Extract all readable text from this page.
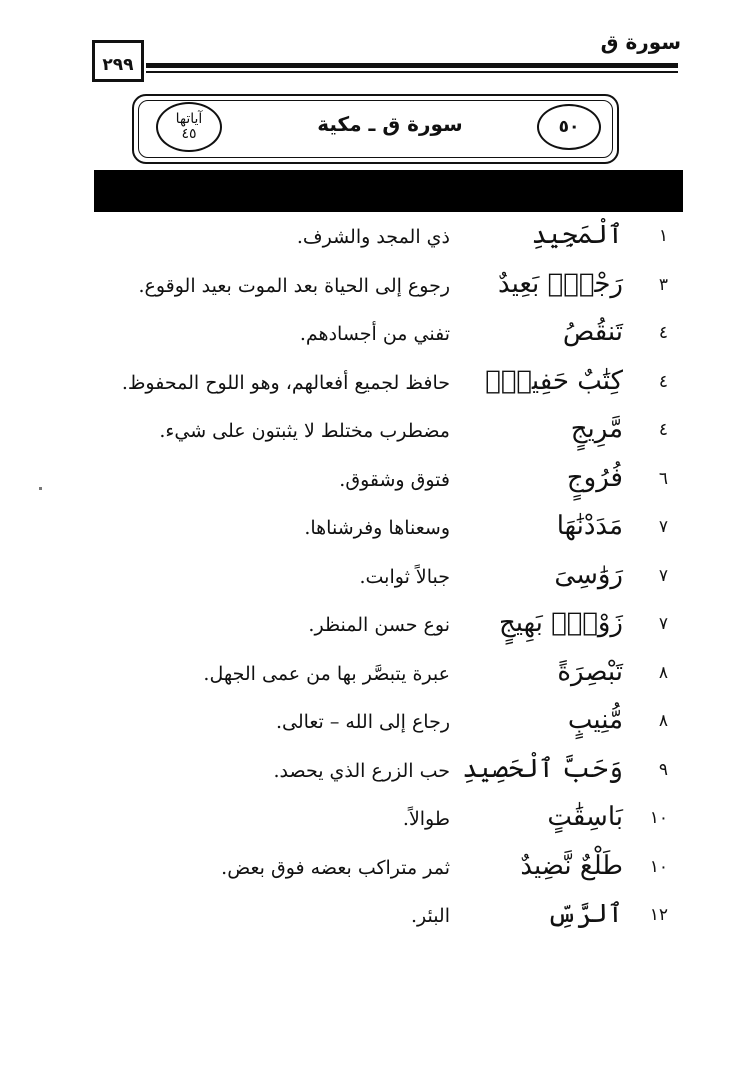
سورة ق
٢٩٩
٥٠
سورة ق ـ مكية
آياتها
٤٥
١
ٱلْمَجِيدِ
ذي المجد والشرف.
٣
رَجْعٌۢ بَعِيدٌ
رجوع إلى الحياة بعد الموت بعيد الوقوع.
٤
تَنقُصُ
تفني من أجسادهم.
٤
كِتَٰبٌ حَفِيظٌۢ
حافظ لجميع أفعالهم، وهو اللوح المحفوظ.
٤
مَّرِيجٍ
مضطرب مختلط لا يثبتون على شيء.
٦
فُرُوجٍ
فتوق وشقوق.
٧
مَدَدْنَٰهَا
وسعناها وفرشناها.
٧
رَوَٰسِىَ
جبالاً ثوابت.
٧
زَوْجٍۭ بَهِيجٍ
نوع حسن المنظر.
٨
تَبْصِرَةً
عبرة يتبصَّر بها من عمى الجهل.
٨
مُّنِيبٍ
رجاع إلى الله – تعالى.
٩
وَحَبَّ ٱلْحَصِيدِ
حب الزرع الذي يحصد.
١٠
بَاسِقَٰتٍ
طوالاً.
١٠
طَلْعٌ نَّضِيدٌ
ثمر متراكب بعضه فوق بعض.
١٢
ٱلرَّسِّ
البئر.
